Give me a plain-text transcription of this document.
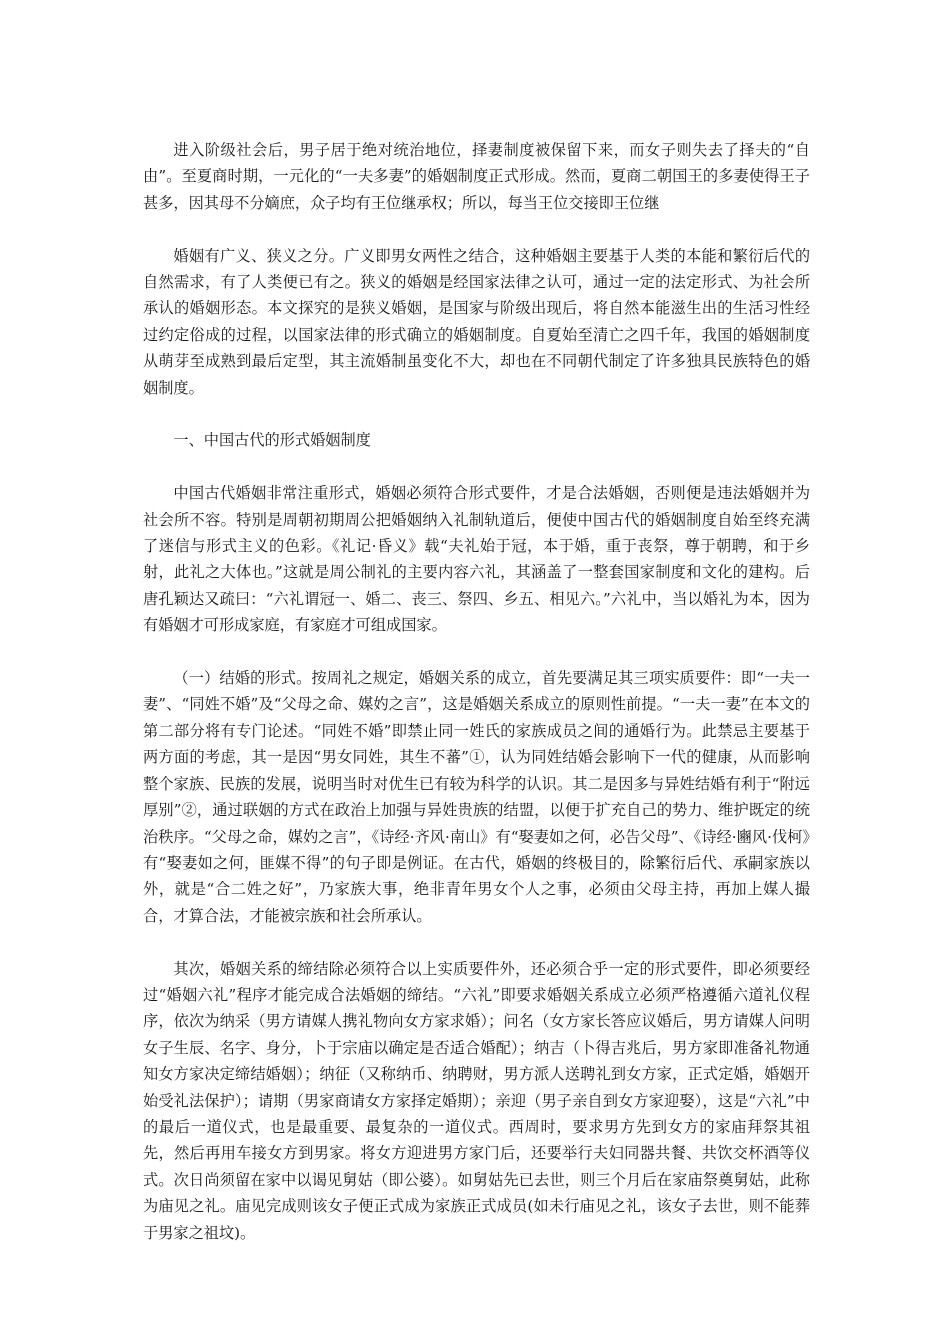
进入阶级社会后，男子居于绝对统治地位，择妻制度被保留下来，而女子则失去了择夫的“自由”。至夏商时期，一元化的“一夫多妻”的婚姻制度正式形成。然而，夏商二朝国王的多妻使得王子甚多，因其母不分嫡庶，众子均有王位继承权；所以，每当王位交接即王位继

婚姻有广义、狭义之分。广义即男女两性之结合，这种婚姻主要基于人类的本能和繁衍后代的自然需求，有了人类便已有之。狭义的婚姻是经国家法律之认可，通过一定的法定形式、为社会所承认的婚姻形态。本文探究的是狭义婚姻，是国家与阶级出现后，将自然本能滋生出的生活习性经过约定俗成的过程，以国家法律的形式确立的婚姻制度。自夏始至清亡之四千年，我国的婚姻制度从萌芽至成熟到最后定型，其主流婚制虽变化不大，却也在不同朝代制定了许多独具民族特色的婚姻制度。

一、中国古代的形式婚姻制度

中国古代婚姻非常注重形式，婚姻必须符合形式要件，才是合法婚姻，否则便是违法婚姻并为社会所不容。特别是周朝初期周公把婚姻纳入礼制轨道后，便使中国古代的婚姻制度自始至终充满了迷信与形式主义的色彩。《礼记·昏义》载“夫礼始于冠，本于婚，重于丧祭，尊于朝聘，和于乡射，此礼之大体也。”这就是周公制礼的主要内容六礼，其涵盖了一整套国家制度和文化的建构。后唐孔颖达又疏曰：“六礼谓冠一、婚二、丧三、祭四、乡五、相见六。”六礼中，当以婚礼为本，因为有婚姻才可形成家庭，有家庭才可组成国家。

（一）结婚的形式。按周礼之规定，婚姻关系的成立，首先要满足其三项实质要件：即“一夫一妻”、“同姓不婚”及“父母之命、媒妁之言”，这是婚姻关系成立的原则性前提。“一夫一妻”在本文的第二部分将有专门论述。“同姓不婚”即禁止同一姓氏的家族成员之间的通婚行为。此禁忌主要基于两方面的考虑，其一是因“男女同姓，其生不蕃”①，认为同姓结婚会影响下一代的健康，从而影响整个家族、民族的发展，说明当时对优生已有较为科学的认识。其二是因多与异姓结婚有利于“附远厚别”②，通过联姻的方式在政治上加强与异姓贵族的结盟，以便于扩充自己的势力、维护既定的统治秩序。“父母之命，媒妁之言”，《诗经·齐风·南山》有“娶妻如之何，必告父母”、《诗经·豳风·伐柯》有“娶妻如之何，匪媒不得”的句子即是例证。在古代，婚姻的终极目的，除繁衍后代、承嗣家族以外，就是“合二姓之好”，乃家族大事，绝非青年男女个人之事，必须由父母主持，再加上媒人撮合，才算合法，才能被宗族和社会所承认。

其次，婚姻关系的缔结除必须符合以上实质要件外，还必须合乎一定的形式要件，即必须要经过“婚姻六礼”程序才能完成合法婚姻的缔结。“六礼”即要求婚姻关系成立必须严格遵循六道礼仪程序，依次为纳采（男方请媒人携礼物向女方家求婚）；问名（女方家长答应议婚后，男方请媒人问明女子生辰、名字、身分，卜于宗庙以确定是否适合婚配）；纳吉（卜得吉兆后，男方家即准备礼物通知女方家决定缔结婚姻）；纳征（又称纳币、纳聘财，男方派人送聘礼到女方家，正式定婚，婚姻开始受礼法保护）；请期（男家商请女方家择定婚期）；亲迎（男子亲自到女方家迎娶），这是“六礼”中的最后一道仪式，也是最重要、最复杂的一道仪式。西周时，要求男方先到女方的家庙拜祭其祖先，然后再用车接女方到男家。将女方迎进男方家门后，还要举行夫妇同器共餐、共饮交杯酒等仪式。次日尚须留在家中以谒见舅姑（即公婆）。如舅姑先已去世，则三个月后在家庙祭奠舅姑，此称为庙见之礼。庙见完成则该女子便正式成为家族正式成员(如未行庙见之礼，该女子去世，则不能葬于男家之祖坟)。
